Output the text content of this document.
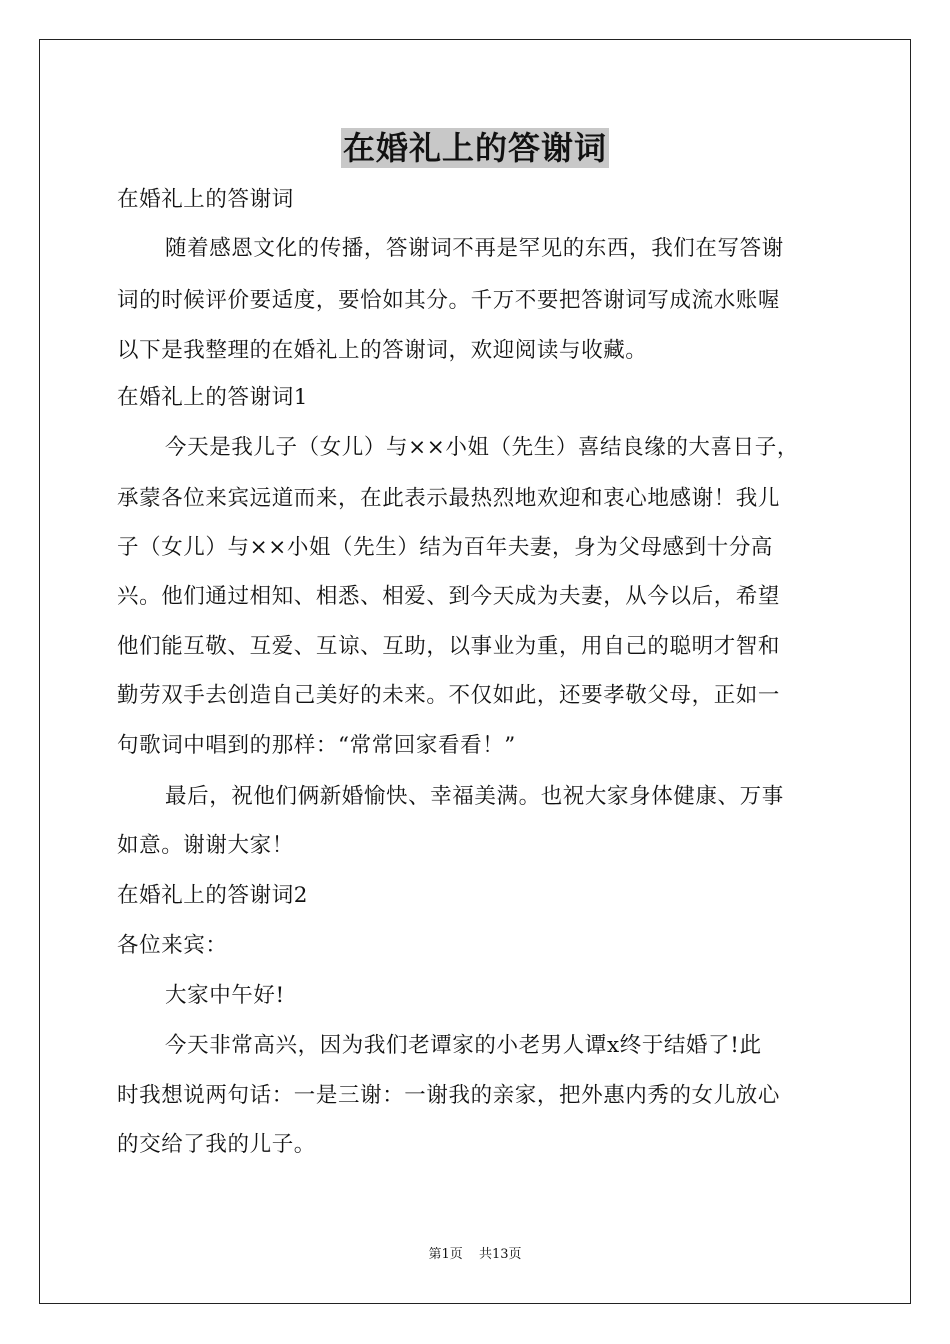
在婚礼上的答谢词
在婚礼上的答谢词
随着感恩文化的传播，答谢词不再是罕见的东西，我们在写答谢
词的时候评价要适度，要恰如其分。千万不要把答谢词写成流水账喔
以下是我整理的在婚礼上的答谢词，欢迎阅读与收藏。
在婚礼上的答谢词1
今天是我儿子（女儿）与××小姐（先生）喜结良缘的大喜日子，
承蒙各位来宾远道而来，在此表示最热烈地欢迎和衷心地感谢！我儿
子（女儿）与××小姐（先生）结为百年夫妻，身为父母感到十分高
兴。他们通过相知、相悉、相爱、到今天成为夫妻，从今以后，希望
他们能互敬、互爱、互谅、互助，以事业为重，用自己的聪明才智和
勤劳双手去创造自己美好的未来。不仅如此，还要孝敬父母，正如一
句歌词中唱到的那样：“常常回家看看！”
最后，祝他们俩新婚愉快、幸福美满。也祝大家身体健康、万事
如意。谢谢大家！
在婚礼上的答谢词2
各位来宾：
大家中午好!
今天非常高兴，因为我们老谭家的小老男人谭x终于结婚了!此
时我想说两句话：一是三谢：一谢我的亲家，把外惠内秀的女儿放心
的交给了我的儿子。
第1页 共13页
